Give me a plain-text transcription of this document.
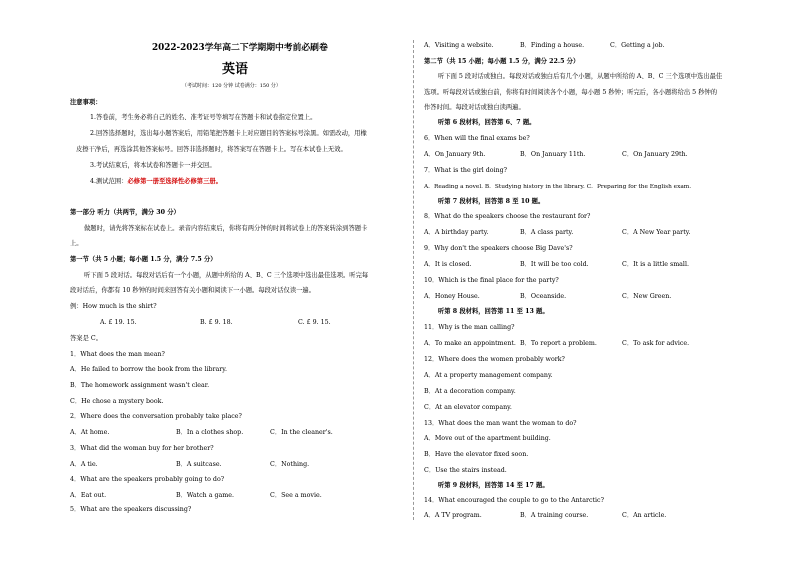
2022-2023学年高二下学期期中考前必刷卷
英语
（考试时间：120 分钟 试卷满分：150 分）
注意事项：
1.答卷前，考生务必将自己的姓名、准考证号等填写在答题卡和试卷指定位置上。
2.回答选择题时，选出每小题答案后，用铅笔把答题卡上对应题目的答案标号涂黑。如需改动，用橡
皮擦干净后，再选涂其他答案标号。回答非选择题时，将答案写在答题卡上。写在本试卷上无效。
3.考试结束后，将本试卷和答题卡一并交回。
4.测试范围：必修第一册至选择性必修第三册。
第一部分 听力（共两节，满分 30 分）
做题时，请先将答案标在试卷上。录音内容结束后，你将有两分钟的时间将试卷上的答案转涂到答题卡
上。
第一节（共 5 小题；每小题 1.5 分，满分 7.5 分）
听下面 5 段对话。每段对话后有一个小题，从题中所给的 A、B、C 三个选项中选出最佳选项。听完每
段对话后，你都有 10 秒钟的时间来回答有关小题和阅读下一小题。每段对话仅读一遍。
例：How much is the shirt?
A. £ 19. 15.	B. £ 9. 18.	C. £ 9. 15.
答案是 C。
1．What does the man mean?
A．He failed to borrow the book from the library.
B．The homework assignment wasn't clear.
C．He chose a mystery book.
2．Where does the conversation probably take place?
A．At home.	B．In a clothes shop.	C．In the cleaner's.
3．What did the woman buy for her brother?
A．A tie.	B．A suitcase.	C．Nothing.
4．What are the speakers probably going to do?
A．Eat out.	B．Watch a game.	C．See a movie.
5．What are the speakers discussing?
A．Visiting a website.	B．Finding a house.	C．Getting a job.
第二节（共 15 小题；每小题 1.5 分，满分 22.5 分）
听下面 5 段对话或独白。每段对话或独白后有几个小题，从题中所给的 A、B、C 三个选项中选出最佳
选项。听每段对话或独白前，你将有时间阅读各个小题，每小题 5 秒钟；听完后，各小题将给出 5 秒钟的
作答时间。每段对话或独白读两遍。
听第 6 段材料，回答第 6、7 题。
6．When will the final exams be?
A．On January 9th.	B．On January 11th.	C．On January 29th.
7．What is the girl doing?
A．Reading a novel. B．Studying history in the library. C．Preparing for the English exam.
听第 7 段材料，回答第 8 至 10 题。
8．What do the speakers choose the restaurant for?
A．A birthday party.	B．A class party.	C．A New Year party.
9．Why don't the speakers choose Big Dave's?
A．It is closed.	B．It will be too cold.	C．It is a little small.
10．Which is the final place for the party?
A．Honey House.	B．Oceanside.	C．New Green.
听第 8 段材料，回答第 11 至 13 题。
11．Why is the man calling?
A．To make an appointment. B．To report a problem.	C．To ask for advice.
12．Where does the women probably work?
A．At a property management company.
B．At a decoration company.
C．At an elevator company.
13．What does the man want the woman to do?
A．Move out of the apartment building.
B．Have the elevator fixed soon.
C．Use the stairs instead.
听第 9 段材料，回答第 14 至 17 题。
14．What encouraged the couple to go to the Antarctic?
A．A TV program.	B．A training course.	C．An article.
